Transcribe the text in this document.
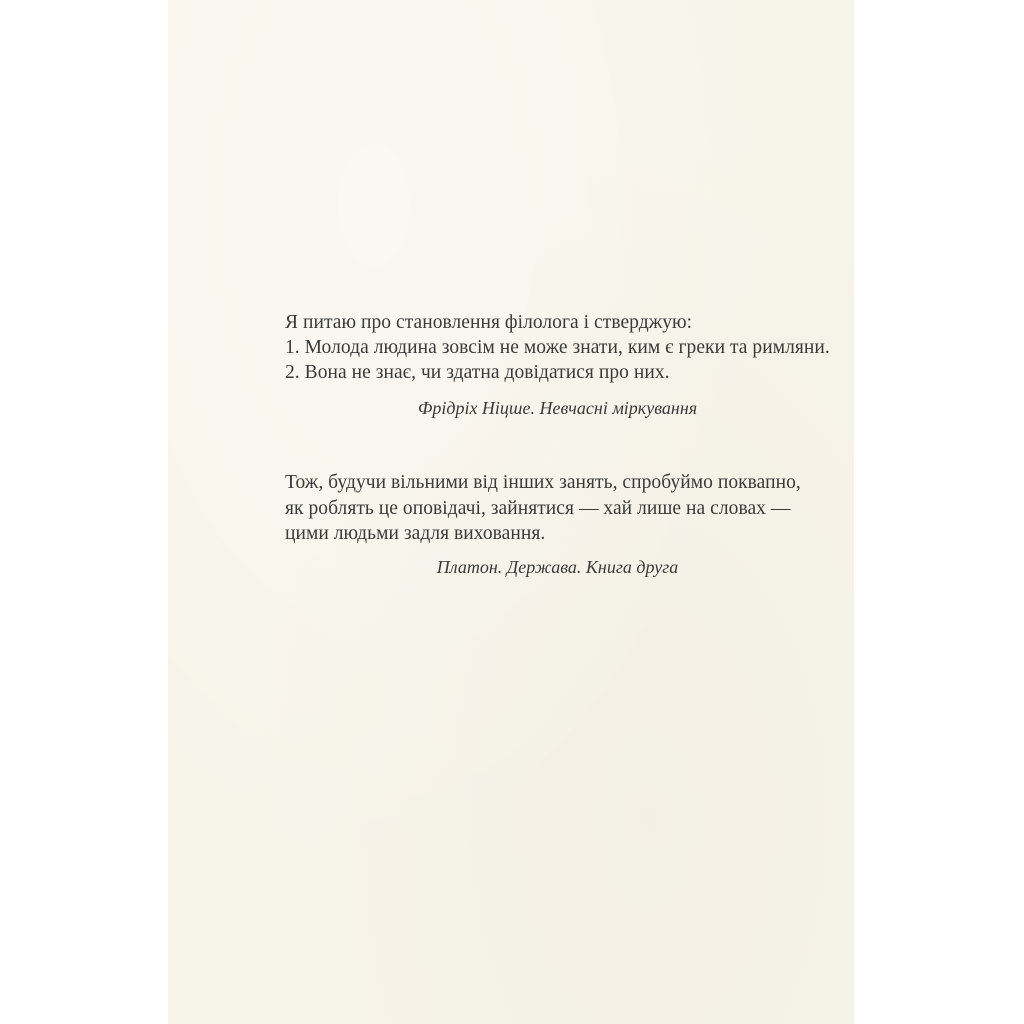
Я питаю про становлення філолога і стверджую:
1. Молода людина зовсім не може знати, ким є греки та римляни.
2. Вона не знає, чи здатна довідатися про них.
Фрідріх Ніцше. Невчасні міркування
Тож, будучи вільними від інших занять, спробуймо поквапно,
як роблять це оповідачі, зайнятися — хай лише на словах —
цими людьми задля виховання.
Платон. Держава. Книга друга
